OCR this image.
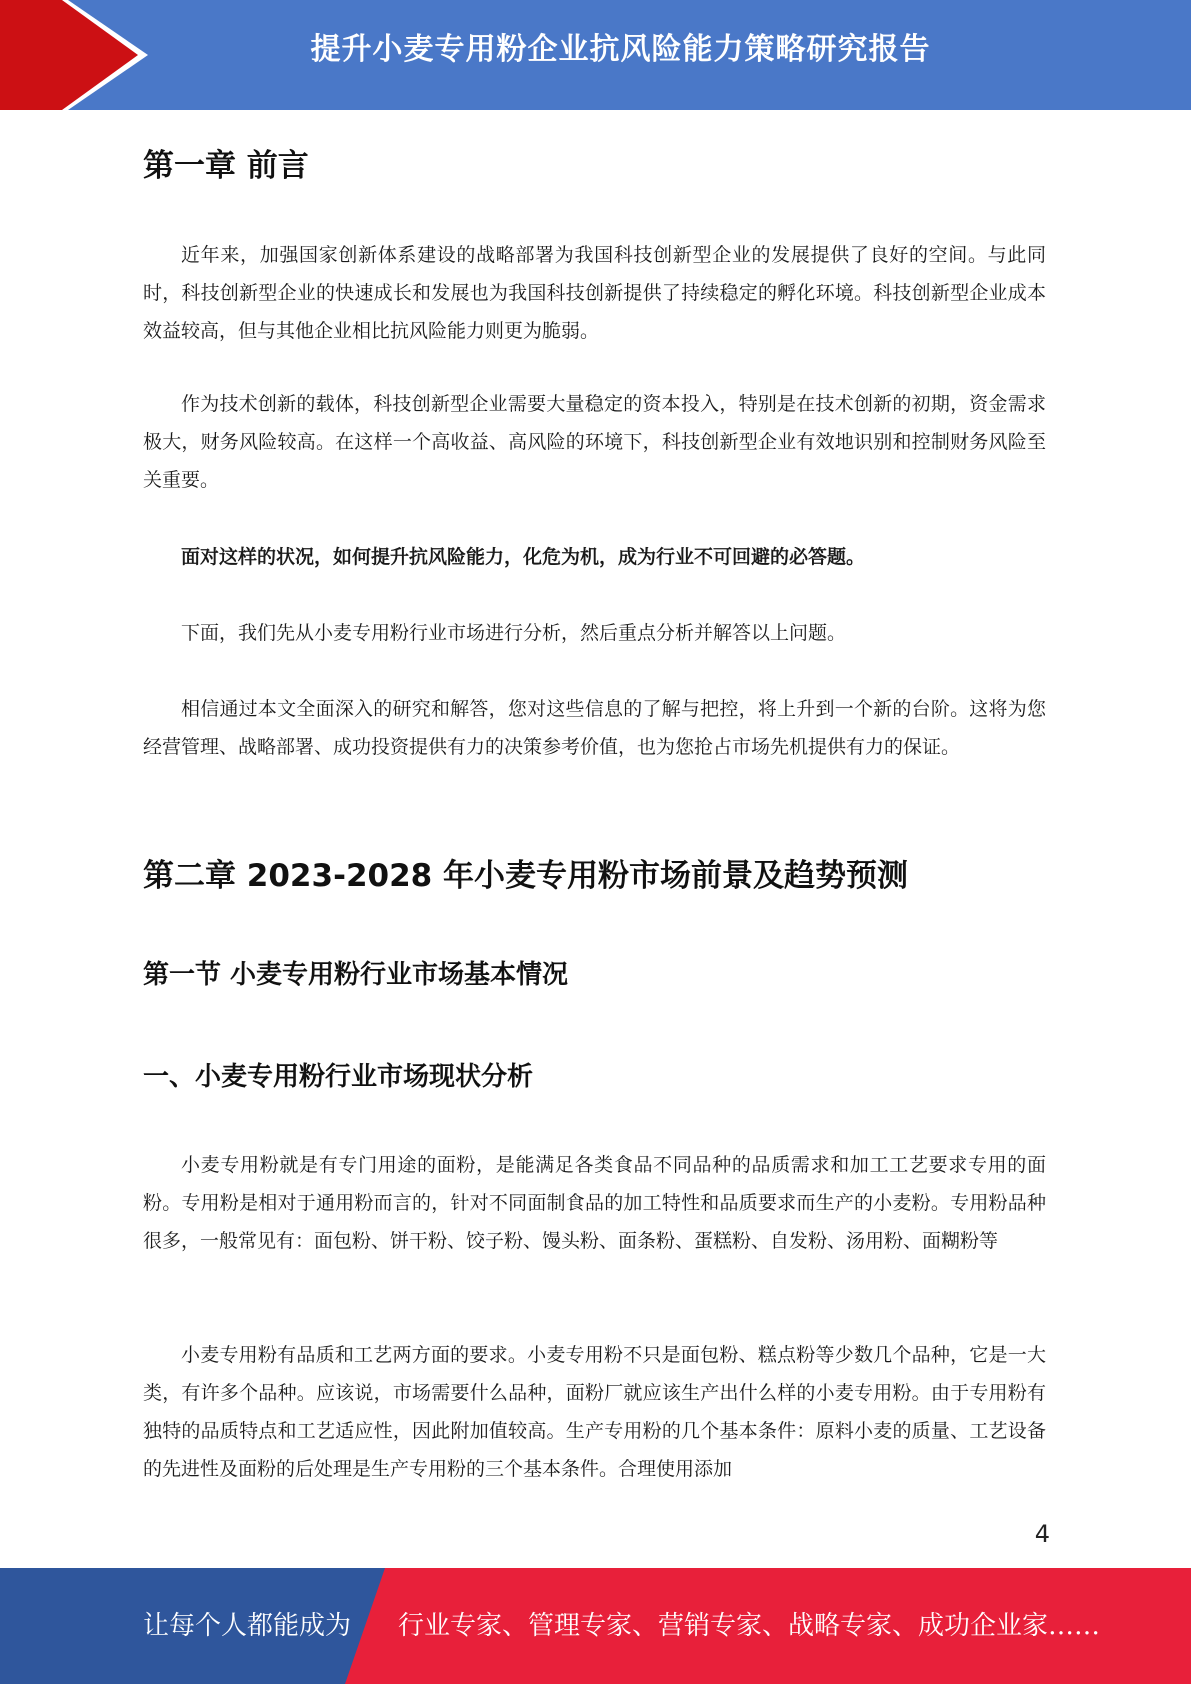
提升小麦专用粉企业抗风险能力策略研究报告
第一章 前言

近年来，加强国家创新体系建设的战略部署为我国科技创新型企业的发展提供了良好的空间。与此同时，科技创新型企业的快速成长和发展也为我国科技创新提供了持续稳定的孵化环境。科技创新型企业成本效益较高，但与其他企业相比抗风险能力则更为脆弱。

作为技术创新的载体，科技创新型企业需要大量稳定的资本投入，特别是在技术创新的初期，资金需求极大，财务风险较高。在这样一个高收益、高风险的环境下，科技创新型企业有效地识别和控制财务风险至关重要。

面对这样的状况，如何提升抗风险能力，化危为机，成为行业不可回避的必答题。

下面，我们先从小麦专用粉行业市场进行分析，然后重点分析并解答以上问题。

相信通过本文全面深入的研究和解答，您对这些信息的了解与把控，将上升到一个新的台阶。这将为您经营管理、战略部署、成功投资提供有力的决策参考价值，也为您抢占市场先机提供有力的保证。

第二章 2023-2028 年小麦专用粉市场前景及趋势预测
第一节 小麦专用粉行业市场基本情况
一、小麦专用粉行业市场现状分析

小麦专用粉就是有专门用途的面粉，是能满足各类食品不同品种的品质需求和加工工艺要求专用的面粉。专用粉是相对于通用粉而言的，针对不同面制食品的加工特性和品质要求而生产的小麦粉。专用粉品种很多，一般常见有：面包粉、饼干粉、饺子粉、馒头粉、面条粉、蛋糕粉、自发粉、汤用粉、面糊粉等

小麦专用粉有品质和工艺两方面的要求。小麦专用粉不只是面包粉、糕点粉等少数几个品种，它是一大类，有许多个品种。应该说，市场需要什么品种，面粉厂就应该生产出什么样的小麦专用粉。由于专用粉有独特的品质特点和工艺适应性，因此附加值较高。生产专用粉的几个基本条件：原料小麦的质量、工艺设备的先进性及面粉的后处理是生产专用粉的三个基本条件。合理使用添加

4
让每个人都能成为 行业专家、管理专家、营销专家、战略专家、成功企业家……
